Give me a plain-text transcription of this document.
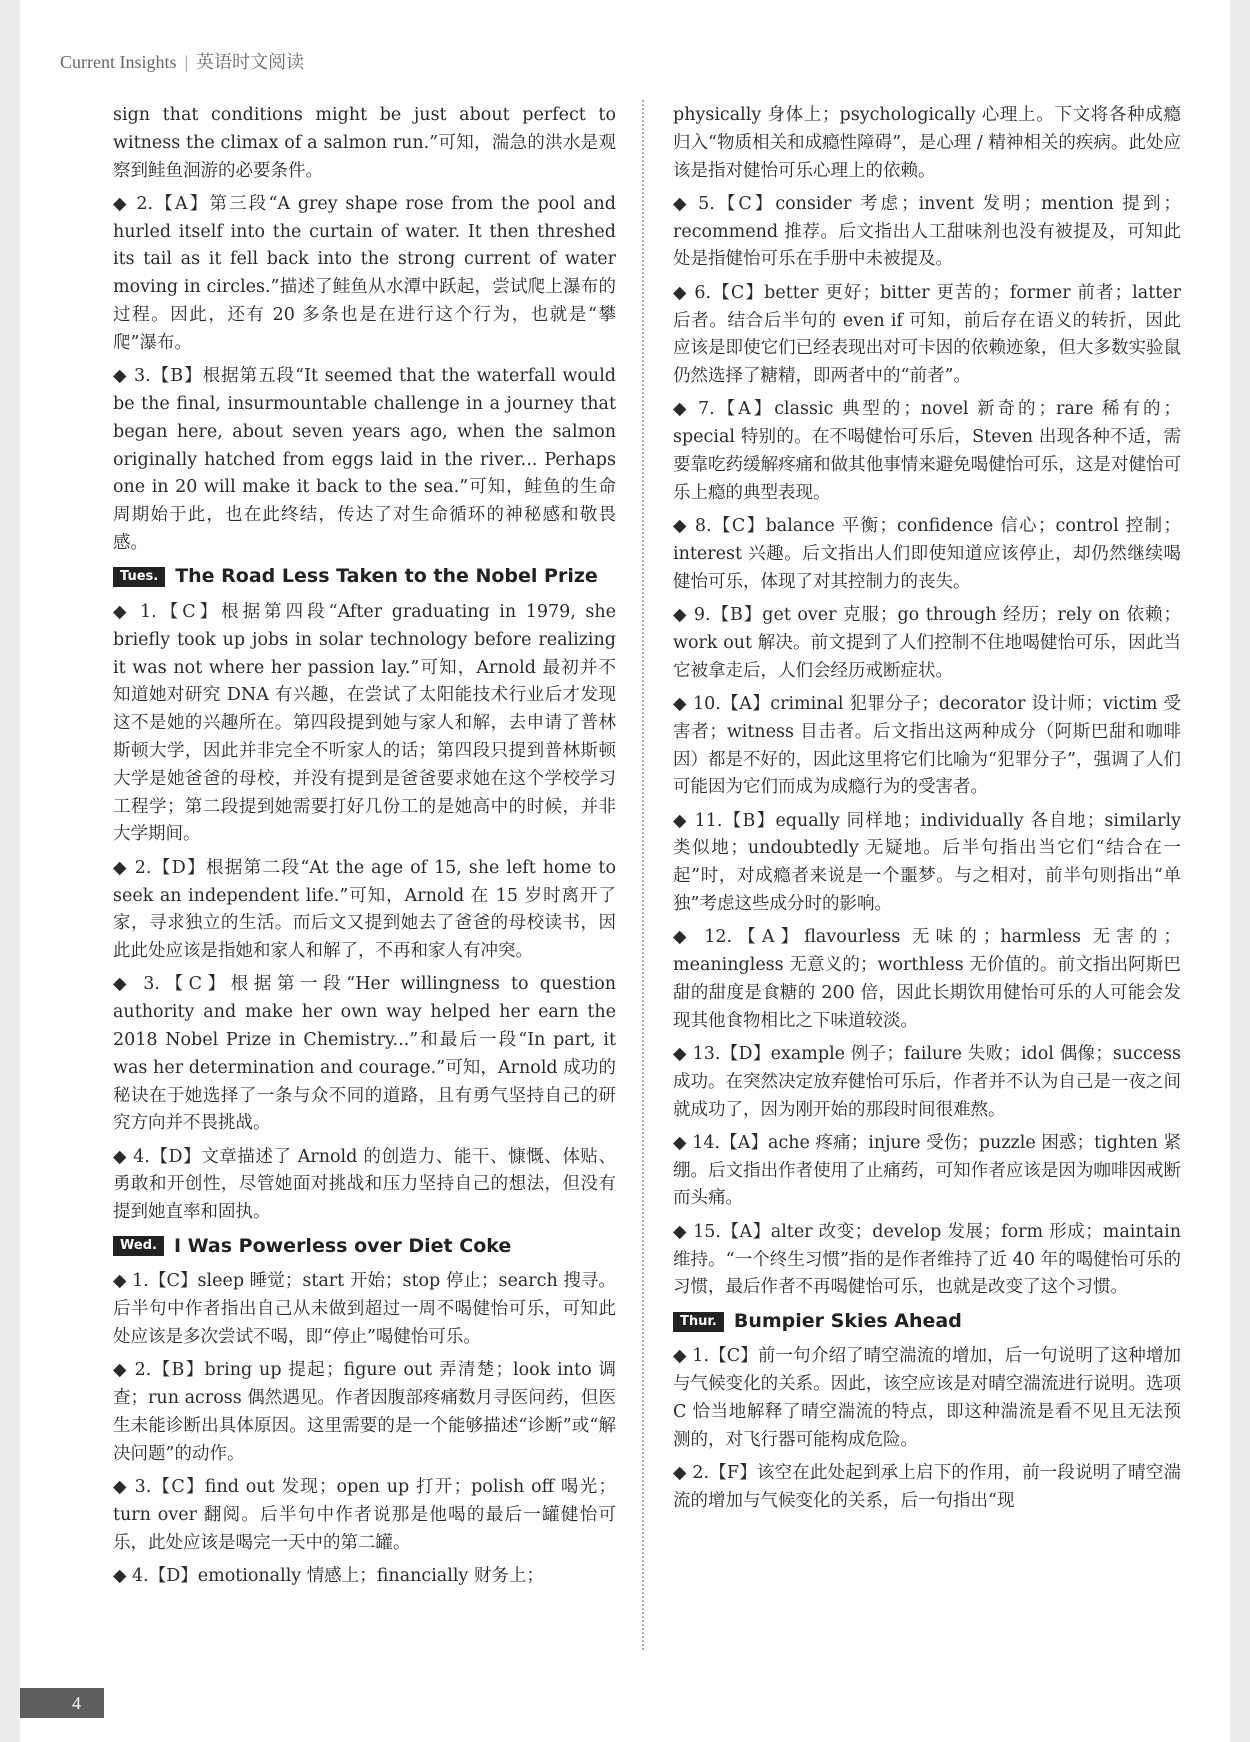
Current Insights | 英语时文阅读

sign that conditions might be just about perfect to witness the climax of a salmon run.”可知，湍急的洪水是观察到鲑鱼洄游的必要条件。

◆ 2.【A】第三段“A grey shape rose from the pool and hurled itself into the curtain of water. It then threshed its tail as it fell back into the strong current of water moving in circles.”描述了鲑鱼从水潭中跃起，尝试爬上瀑布的过程。因此，还有 20 多条也是在进行这个行为，也就是“攀爬”瀑布。

◆ 3.【B】根据第五段“It seemed that the waterfall would be the final, insurmountable challenge in a journey that began here, about seven years ago, when the salmon originally hatched from eggs laid in the river... Perhaps one in 20 will make it back to the sea.”可知，鲑鱼的生命周期始于此，也在此终结，传达了对生命循环的神秘感和敬畏感。

Tues. The Road Less Taken to the Nobel Prize

◆ 1.【C】根据第四段“After graduating in 1979, she briefly took up jobs in solar technology before realizing it was not where her passion lay.”可知，Arnold 最初并不知道她对研究 DNA 有兴趣，在尝试了太阳能技术行业后才发现这不是她的兴趣所在。第四段提到她与家人和解，去申请了普林斯顿大学，因此并非完全不听家人的话；第四段只提到普林斯顿大学是她爸爸的母校，并没有提到是爸爸要求她在这个学校学习工程学；第二段提到她需要打好几份工的是她高中的时候，并非大学期间。

◆ 2.【D】根据第二段“At the age of 15, she left home to seek an independent life.”可知，Arnold 在 15 岁时离开了家，寻求独立的生活。而后文又提到她去了爸爸的母校读书，因此此处应该是指她和家人和解了，不再和家人有冲突。

◆ 3.【C】根据第一段“Her willingness to question authority and make her own way helped her earn the 2018 Nobel Prize in Chemistry...”和最后一段“In part, it was her determination and courage.”可知，Arnold 成功的秘诀在于她选择了一条与众不同的道路，且有勇气坚持自己的研究方向并不畏挑战。

◆ 4.【D】文章描述了 Arnold 的创造力、能干、慷慨、体贴、勇敢和开创性，尽管她面对挑战和压力坚持自己的想法，但没有提到她直率和固执。

Wed. I Was Powerless over Diet Coke

◆ 1.【C】sleep 睡觉；start 开始；stop 停止；search 搜寻。后半句中作者指出自己从未做到超过一周不喝健怡可乐，可知此处应该是多次尝试不喝，即“停止”喝健怡可乐。

◆ 2.【B】bring up 提起；figure out 弄清楚；look into 调查；run across 偶然遇见。作者因腹部疼痛数月寻医问药，但医生未能诊断出具体原因。这里需要的是一个能够描述“诊断”或“解决问题”的动作。

◆ 3.【C】find out 发现；open up 打开；polish off 喝光；turn over 翻阅。后半句中作者说那是他喝的最后一罐健怡可乐，此处应该是喝完一天中的第二罐。

◆ 4.【D】emotionally 情感上；financially 财务上；

physically 身体上；psychologically 心理上。下文将各种成瘾归入“物质相关和成瘾性障碍”，是心理 / 精神相关的疾病。此处应该是指对健怡可乐心理上的依赖。

◆ 5.【C】consider 考虑；invent 发明；mention 提到；recommend 推荐。后文指出人工甜味剂也没有被提及，可知此处是指健怡可乐在手册中未被提及。

◆ 6.【C】better 更好；bitter 更苦的；former 前者；latter 后者。结合后半句的 even if 可知，前后存在语义的转折，因此应该是即使它们已经表现出对可卡因的依赖迹象，但大多数实验鼠仍然选择了糖精，即两者中的“前者”。

◆ 7.【A】classic 典型的；novel 新奇的；rare 稀有的；special 特别的。在不喝健怡可乐后，Steven 出现各种不适，需要靠吃药缓解疼痛和做其他事情来避免喝健怡可乐，这是对健怡可乐上瘾的典型表现。

◆ 8.【C】balance 平衡；confidence 信心；control 控制；interest 兴趣。后文指出人们即使知道应该停止，却仍然继续喝健怡可乐，体现了对其控制力的丧失。

◆ 9.【B】get over 克服；go through 经历；rely on 依赖；work out 解决。前文提到了人们控制不住地喝健怡可乐，因此当它被拿走后，人们会经历戒断症状。

◆ 10.【A】criminal 犯罪分子；decorator 设计师；victim 受害者；witness 目击者。后文指出这两种成分（阿斯巴甜和咖啡因）都是不好的，因此这里将它们比喻为“犯罪分子”，强调了人们可能因为它们而成为成瘾行为的受害者。

◆ 11.【B】equally 同样地；individually 各自地；similarly 类似地；undoubtedly 无疑地。后半句指出当它们“结合在一起”时，对成瘾者来说是一个噩梦。与之相对，前半句则指出“单独”考虑这些成分时的影响。

◆ 12.【A】flavourless 无味的；harmless 无害的；meaningless 无意义的；worthless 无价值的。前文指出阿斯巴甜的甜度是食糖的 200 倍，因此长期饮用健怡可乐的人可能会发现其他食物相比之下味道较淡。

◆ 13.【D】example 例子；failure 失败；idol 偶像；success 成功。在突然决定放弃健怡可乐后，作者并不认为自己是一夜之间就成功了，因为刚开始的那段时间很难熬。

◆ 14.【A】ache 疼痛；injure 受伤；puzzle 困惑；tighten 紧绷。后文指出作者使用了止痛药，可知作者应该是因为咖啡因戒断而头痛。

◆ 15.【A】alter 改变；develop 发展；form 形成；maintain 维持。“一个终生习惯”指的是作者维持了近 40 年的喝健怡可乐的习惯，最后作者不再喝健怡可乐，也就是改变了这个习惯。

Thur. Bumpier Skies Ahead

◆ 1.【C】前一句介绍了晴空湍流的增加，后一句说明了这种增加与气候变化的关系。因此，该空应该是对晴空湍流进行说明。选项 C 恰当地解释了晴空湍流的特点，即这种湍流是看不见且无法预测的，对飞行器可能构成危险。

◆ 2.【F】该空在此处起到承上启下的作用，前一段说明了晴空湍流的增加与气候变化的关系，后一句指出“现

4
